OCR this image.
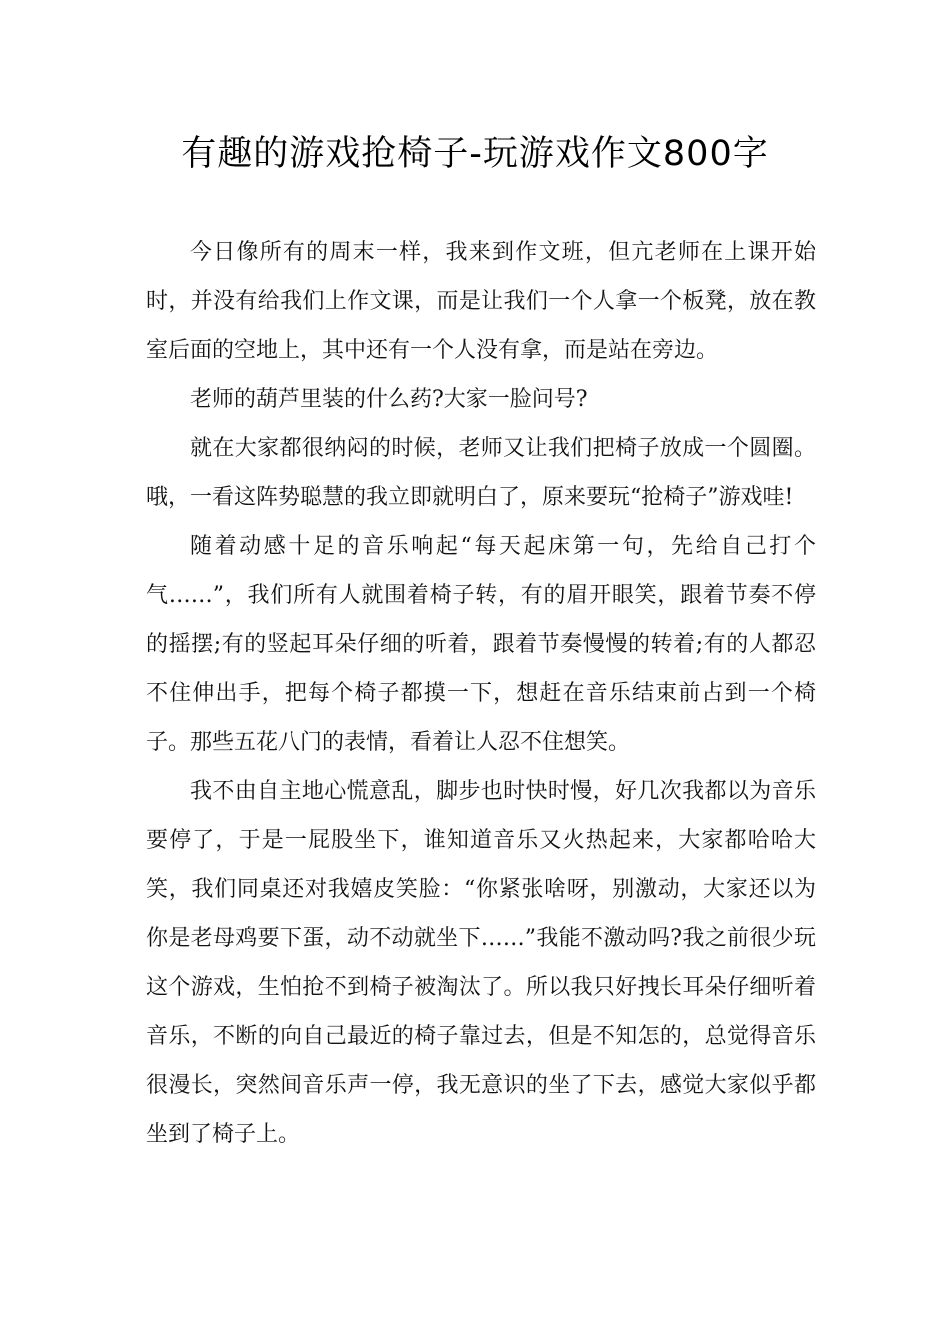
有趣的游戏抢椅子-玩游戏作文800字

今日像所有的周末一样，我来到作文班，但亢老师在上课开始时，并没有给我们上作文课，而是让我们一个人拿一个板凳，放在教室后面的空地上，其中还有一个人没有拿，而是站在旁边。

老师的葫芦里装的什么药?大家一脸问号?

就在大家都很纳闷的时候，老师又让我们把椅子放成一个圆圈。哦，一看这阵势聪慧的我立即就明白了，原来要玩“抢椅子”游戏哇!

随着动感十足的音乐响起“每天起床第一句，先给自己打个气……”，我们所有人就围着椅子转，有的眉开眼笑，跟着节奏不停的摇摆;有的竖起耳朵仔细的听着，跟着节奏慢慢的转着;有的人都忍不住伸出手，把每个椅子都摸一下，想赶在音乐结束前占到一个椅子。那些五花八门的表情，看着让人忍不住想笑。

我不由自主地心慌意乱，脚步也时快时慢，好几次我都以为音乐要停了，于是一屁股坐下，谁知道音乐又火热起来，大家都哈哈大笑，我们同桌还对我嬉皮笑脸：“你紧张啥呀，别激动，大家还以为你是老母鸡要下蛋，动不动就坐下……”我能不激动吗?我之前很少玩这个游戏，生怕抢不到椅子被淘汰了。所以我只好拽长耳朵仔细听着音乐，不断的向自己最近的椅子靠过去，但是不知怎的，总觉得音乐很漫长，突然间音乐声一停，我无意识的坐了下去，感觉大家似乎都坐到了椅子上。
